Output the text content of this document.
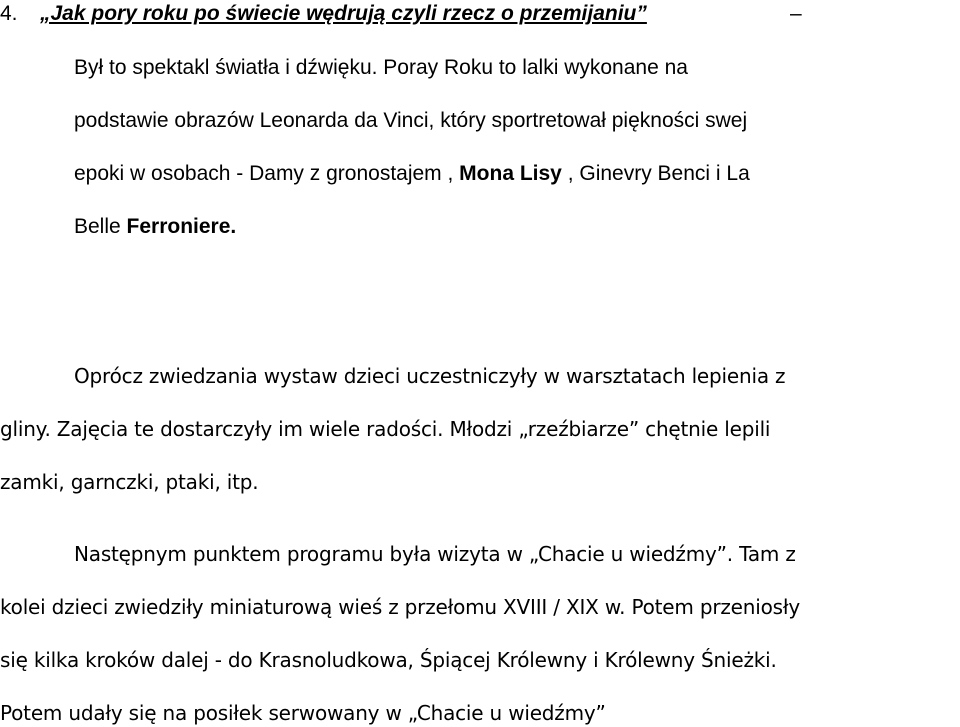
4. „Jak pory roku po świecie wędrują czyli rzecz o przemijaniu”	–
Był to spektakl światła i dźwięku. Poray Roku to lalki wykonane na
podstawie obrazów Leonarda da Vinci, który sportretował piękności swej
epoki w osobach - Damy z gronostajem , Mona Lisy , Ginevry Benci i La
Belle Ferroniere.
Oprócz zwiedzania wystaw dzieci uczestniczyły w warsztatach lepienia z
gliny. Zajęcia te dostarczyły im wiele radości. Młodzi „rzeźbiarze” chętnie lepili
zamki, garnczki, ptaki, itp.
Następnym punktem programu była wizyta w „Chacie u wiedźmy”. Tam z
kolei dzieci zwiedziły miniaturową wieś z przełomu XVIII / XIX w. Potem przeniosły
się kilka kroków dalej - do Krasnoludkowa, Śpiącej Królewny i Królewny Śnieżki.
Potem udały się na posiłek serwowany w „Chacie u wiedźmy”
